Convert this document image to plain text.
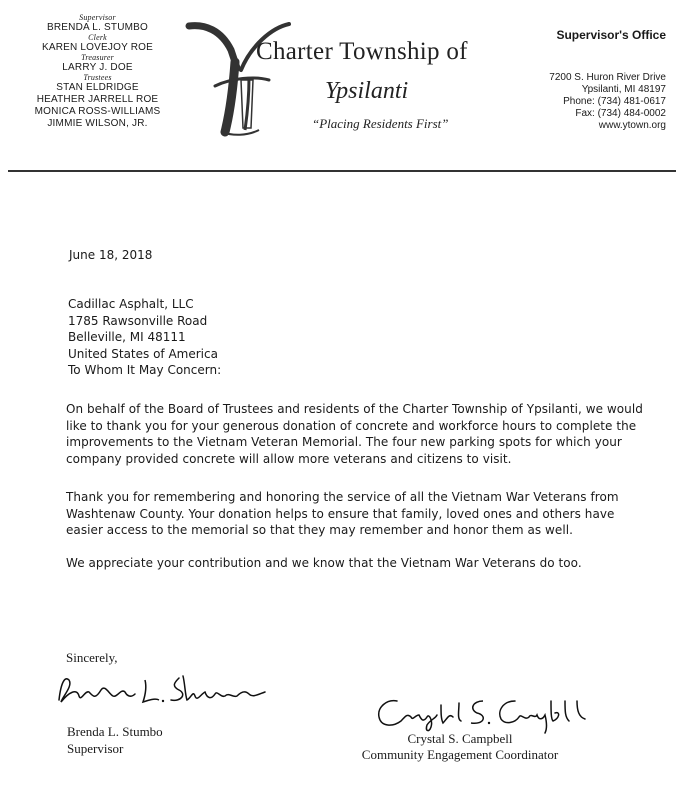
Supervisor
BRENDA L. STUMBO
Clerk
KAREN LOVEJOY ROE
Treasurer
LARRY J. DOE
Trustees
STAN ELDRIDGE
HEATHER JARRELL ROE
MONICA ROSS-WILLIAMS
JIMMIE WILSON, JR.
Charter Township of
Ypsilanti
“Placing Residents First”
Supervisor's Office
7200 S. Huron River Drive
Ypsilanti, MI 48197
Phone: (734) 481-0617
Fax: (734) 484-0002
www.ytown.org
June 18, 2018
Cadillac Asphalt, LLC
1785 Rawsonville Road
Belleville, MI 48111
United States of America
To Whom It May Concern:
On behalf of the Board of Trustees and residents of the Charter Township of Ypsilanti, we would
like to thank you for your generous donation of concrete and workforce hours to complete the
improvements to the Vietnam Veteran Memorial. The four new parking spots for which your
company provided concrete will allow more veterans and citizens to visit.
Thank you for remembering and honoring the service of all the Vietnam War Veterans from
Washtenaw County. Your donation helps to ensure that family, loved ones and others have
easier access to the memorial so that they may remember and honor them as well.
We appreciate your contribution and we know that the Vietnam War Veterans do too.
Sincerely,
Brenda L. Stumbo
Supervisor
Crystal S. Campbell
Community Engagement Coordinator
